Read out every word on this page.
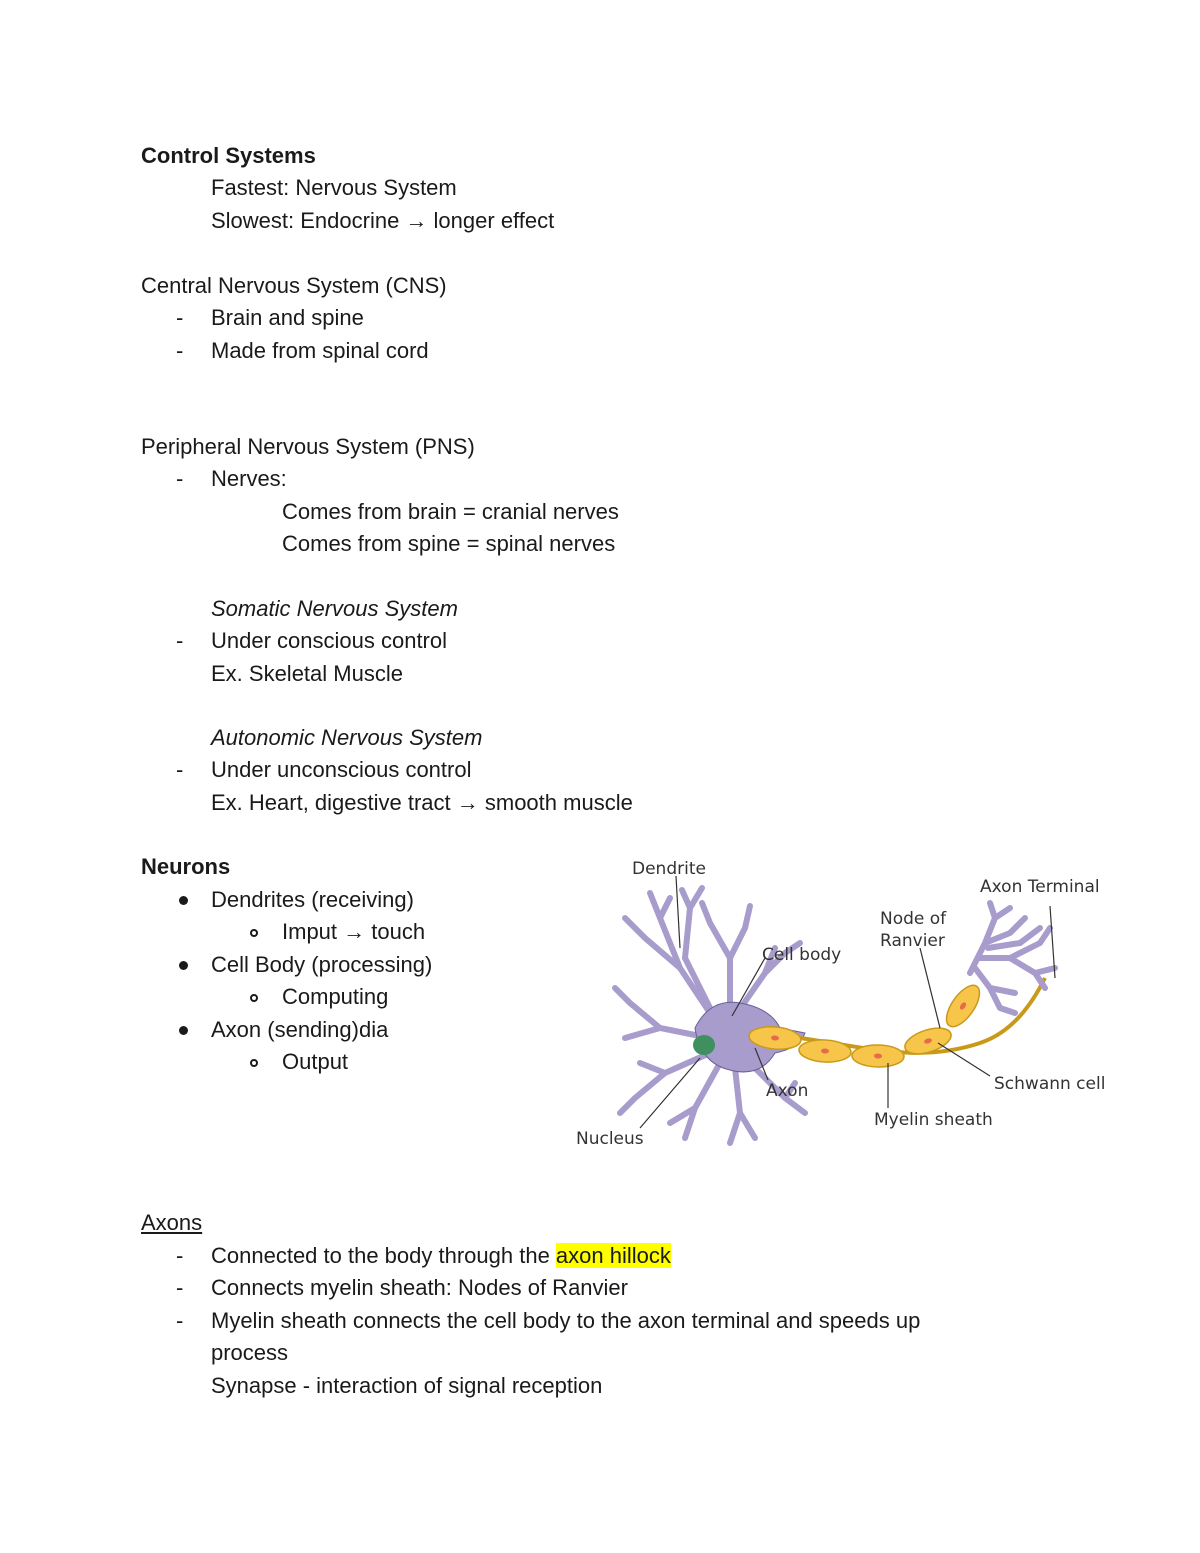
Control Systems
Fastest: Nervous System
Slowest: Endocrine → longer effect
Central Nervous System (CNS)
- Brain and spine
- Made from spinal cord
Peripheral Nervous System (PNS)
- Nerves:
Comes from brain = cranial nerves
Comes from spine = spinal nerves
Somatic Nervous System
- Under conscious control
Ex. Skeletal Muscle
Autonomic Nervous System
- Under unconscious control
Ex. Heart, digestive tract → smooth muscle
Neurons
Dendrites (receiving)
Imput → touch
Cell Body (processing)
Computing
Axon (sending)dia
Output
Dendrite
Cell body
Node of
Ranvier
Axon Terminal
Axon
Nucleus
Myelin sheath
Schwann cell
Axons
- Connected to the body through the axon hillock
- Connects myelin sheath: Nodes of Ranvier
- Myelin sheath connects the cell body to the axon terminal and speeds up
process
Synapse - interaction of signal reception
